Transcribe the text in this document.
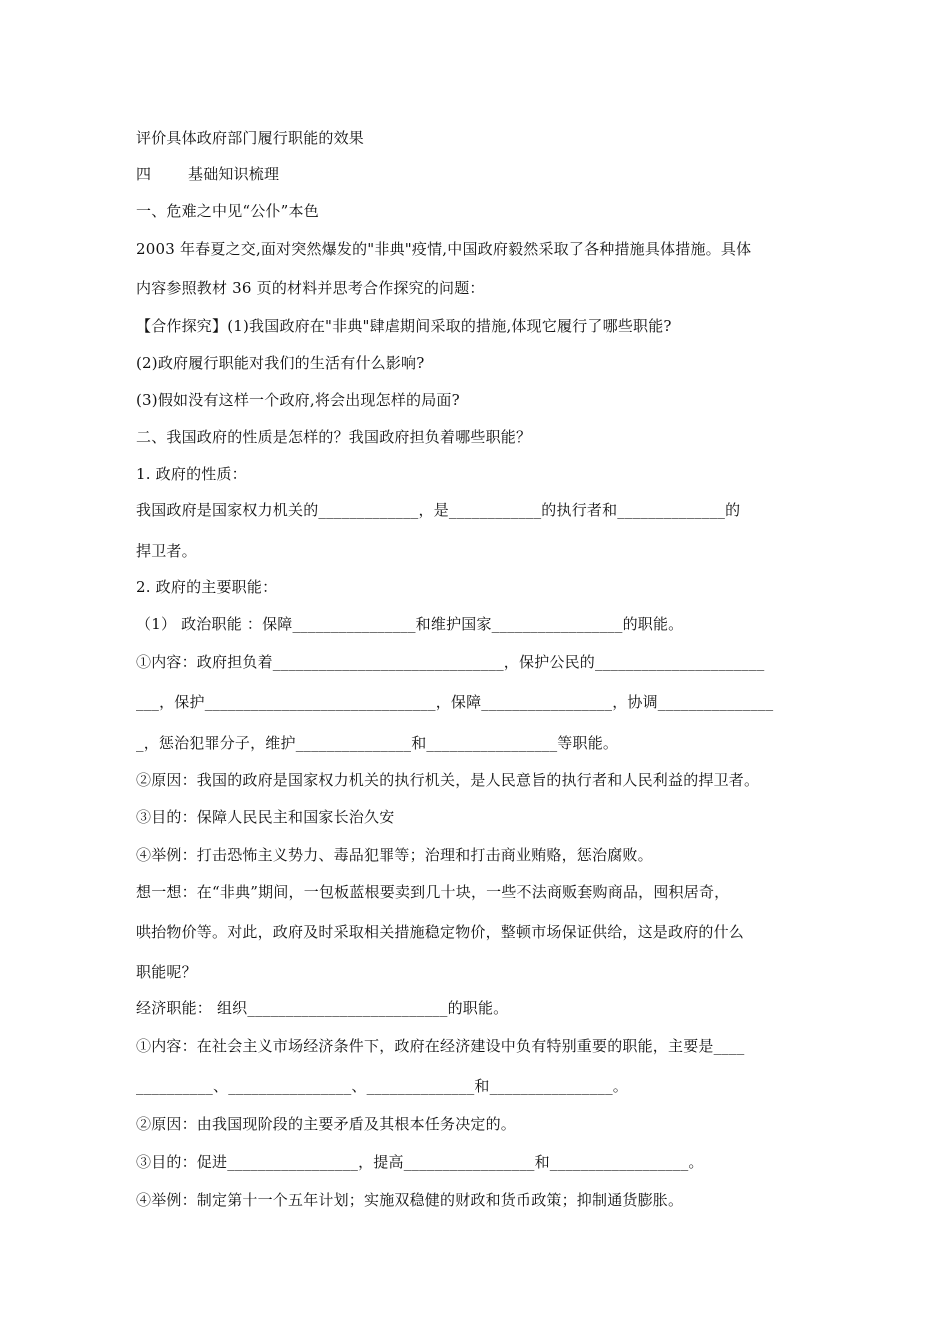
评价具体政府部门履行职能的效果
四 基础知识梳理
一、危难之中见“公仆”本色
2003 年春夏之交,面对突然爆发的"非典"疫情,中国政府毅然采取了各种措施具体措施。具体
内容参照教材 36 页的材料并思考合作探究的问题：
【合作探究】(1)我国政府在"非典"肆虐期间采取的措施,体现它履行了哪些职能?
(2)政府履行职能对我们的生活有什么影响?
(3)假如没有这样一个政府,将会出现怎样的局面?
二、我国政府的性质是怎样的？我国政府担负着哪些职能？
1. 政府的性质：
我国政府是国家权力机关的_____________，是____________的执行者和______________的
捍卫者。
2. 政府的主要职能：
（1） 政治职能 ：保障________________和维护国家_________________的职能。
①内容：政府担负着______________________________，保护公民的______________________
___，保护______________________________，保障_________________，协调_______________
_，惩治犯罪分子，维护_______________和_________________等职能。
②原因：我国的政府是国家权力机关的执行机关，是人民意旨的执行者和人民利益的捍卫者。
③目的：保障人民民主和国家长治久安
④举例：打击恐怖主义势力、毒品犯罪等；治理和打击商业贿赂，惩治腐败。
想一想：在“非典”期间，一包板蓝根要卖到几十块，一些不法商贩套购商品，囤积居奇，
哄抬物价等。对此，政府及时采取相关措施稳定物价，整顿市场保证供给，这是政府的什么
职能呢？
经济职能： 组织__________________________的职能。
①内容：在社会主义市场经济条件下，政府在经济建设中负有特别重要的职能，主要是____
__________、________________、______________和________________。
②原因：由我国现阶段的主要矛盾及其根本任务决定的。
③目的：促进_________________，提高_________________和__________________。
④举例：制定第十一个五年计划；实施双稳健的财政和货币政策；抑制通货膨胀。
